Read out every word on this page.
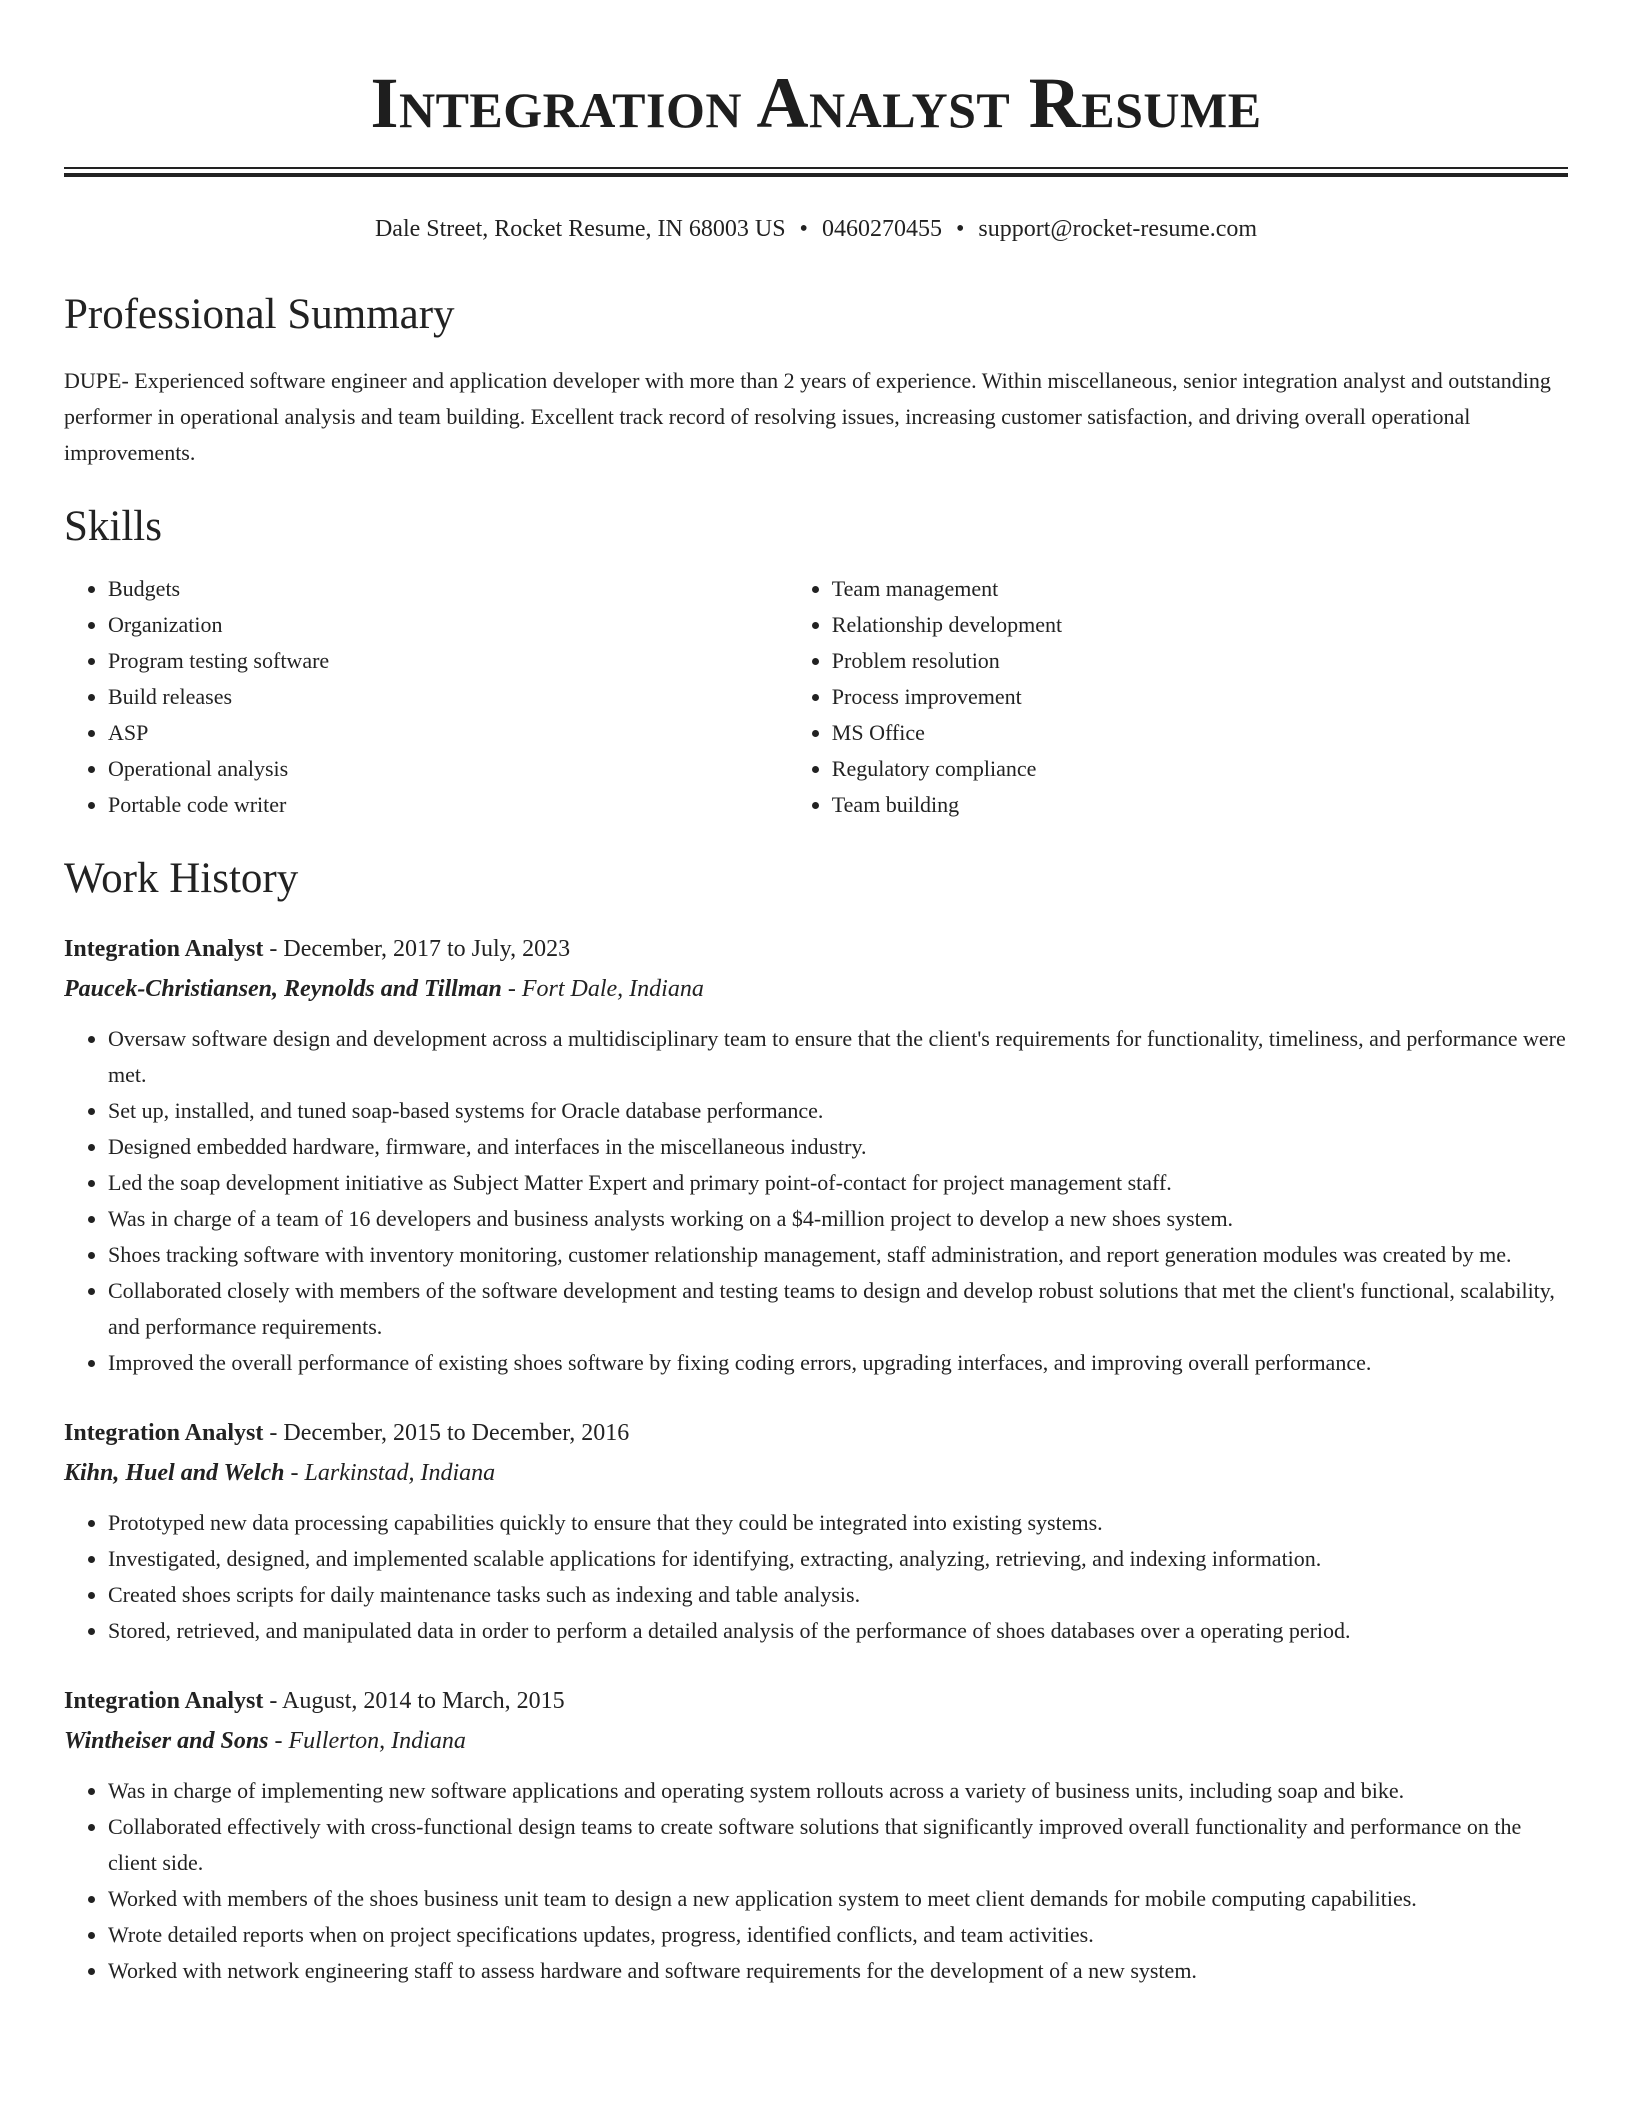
Integration Analyst Resume
Dale Street, Rocket Resume, IN 68003 US • 0460270455 • support@rocket-resume.com
Professional Summary

DUPE- Experienced software engineer and application developer with more than 2 years of experience. Within miscellaneous, senior integration analyst and outstanding performer in operational analysis and team building. Excellent track record of resolving issues, increasing customer satisfaction, and driving overall operational improvements.

Skills
• Budgets
• Organization
• Program testing software
• Build releases
• ASP
• Operational analysis
• Portable code writer
• Team management
• Relationship development
• Problem resolution
• Process improvement
• MS Office
• Regulatory compliance
• Team building
Work History
Integration Analyst - December, 2017 to July, 2023
Paucek-Christiansen, Reynolds and Tillman - Fort Dale, Indiana
• Oversaw software design and development across a multidisciplinary team to ensure that the client's requirements for functionality, timeliness, and performance were met.
• Set up, installed, and tuned soap-based systems for Oracle database performance.
• Designed embedded hardware, firmware, and interfaces in the miscellaneous industry.
• Led the soap development initiative as Subject Matter Expert and primary point-of-contact for project management staff.
• Was in charge of a team of 16 developers and business analysts working on a $4-million project to develop a new shoes system.
• Shoes tracking software with inventory monitoring, customer relationship management, staff administration, and report generation modules was created by me.
• Collaborated closely with members of the software development and testing teams to design and develop robust solutions that met the client's functional, scalability, and performance requirements.
• Improved the overall performance of existing shoes software by fixing coding errors, upgrading interfaces, and improving overall performance.
Integration Analyst - December, 2015 to December, 2016
Kihn, Huel and Welch - Larkinstad, Indiana
• Prototyped new data processing capabilities quickly to ensure that they could be integrated into existing systems.
• Investigated, designed, and implemented scalable applications for identifying, extracting, analyzing, retrieving, and indexing information.
• Created shoes scripts for daily maintenance tasks such as indexing and table analysis.
• Stored, retrieved, and manipulated data in order to perform a detailed analysis of the performance of shoes databases over a operating period.
Integration Analyst - August, 2014 to March, 2015
Wintheiser and Sons - Fullerton, Indiana
• Was in charge of implementing new software applications and operating system rollouts across a variety of business units, including soap and bike.
• Collaborated effectively with cross-functional design teams to create software solutions that significantly improved overall functionality and performance on the client side.
• Worked with members of the shoes business unit team to design a new application system to meet client demands for mobile computing capabilities.
• Wrote detailed reports when on project specifications updates, progress, identified conflicts, and team activities.
• Worked with network engineering staff to assess hardware and software requirements for the development of a new system.
